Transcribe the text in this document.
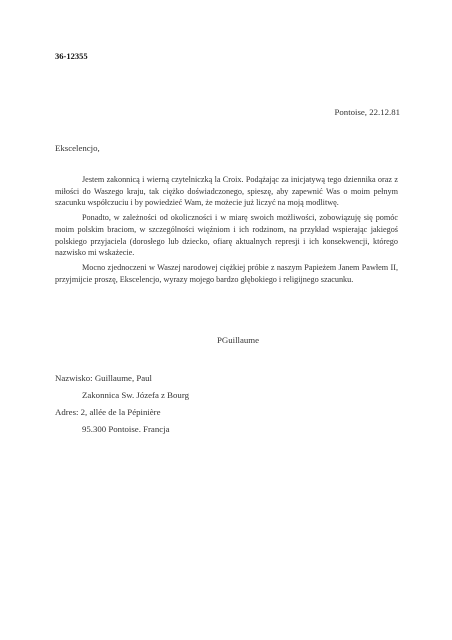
36-12355
Pontoise, 22.12.81
Ekscelencjo,

Jestem zakonnicą i wierną czytelniczką la Croix. Podążając za inicjatywą tego dziennika oraz z miłości do Waszego kraju, tak ciężko doświadczonego, spieszę, aby zapewnić Was o moim pełnym szacunku współczuciu i by powiedzieć Wam, że możecie już liczyć na moją modlitwę.

Ponadto, w zależności od okoliczności i w miarę swoich możliwości, zobowiązuję się pomóc moim polskim braciom, w szczególności więźniom i ich rodzinom, na przykład wspierając jakiegoś polskiego przyjaciela (dorosłego lub dziecko, ofiarę aktualnych represji i ich konsekwencji, którego nazwisko mi wskażecie.

Mocno zjednoczeni w Waszej narodowej ciężkiej próbie z naszym Papieżem Janem Pawłem II, przyjmijcie proszę, Ekscelencjo, wyrazy mojego bardzo głębokiego i religijnego szacunku.

PGuillaume
Nazwisko: Guillaume, Paul
Zakonnica Sw. Józefa z Bourg
Adres: 2, allée de la Pépinière
95.300 Pontoise. Francja
